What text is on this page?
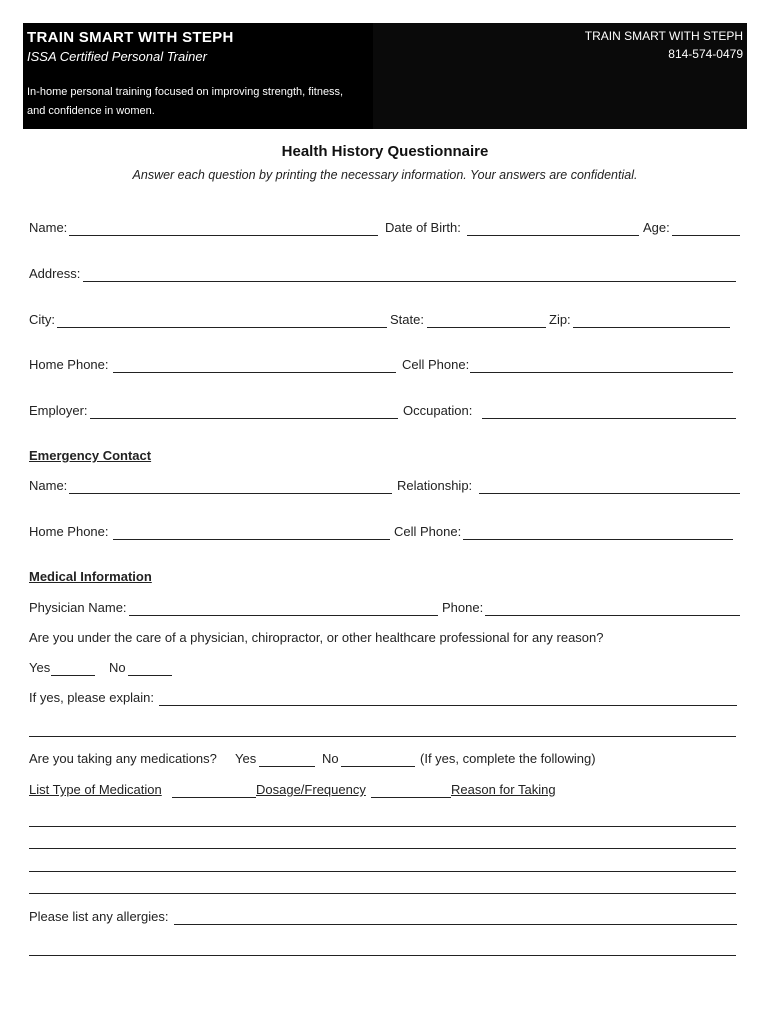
TRAIN SMART WITH STEPH
ISSA Certified Personal Trainer
In-home personal training focused on improving strength, fitness, and confidence in women.
TRAIN SMART WITH STEPH
814-574-0479
Health History Questionnaire
Answer each question by printing the necessary information. Your answers are confidential.
Name:	Date of Birth:	Age:
Address:
City:	State:	Zip:
Home Phone:	Cell Phone:
Employer:	Occupation:
Emergency Contact
Name:	Relationship:
Home Phone:	Cell Phone:
Medical Information
Physician Name:	Phone:
Are you under the care of a physician, chiropractor, or other healthcare professional for any reason?
Yes	No
If yes, please explain:
Are you taking any medications? Yes	No	(If yes, complete the following)
List Type of Medication	Dosage/Frequency	Reason for Taking
Please list any allergies:
